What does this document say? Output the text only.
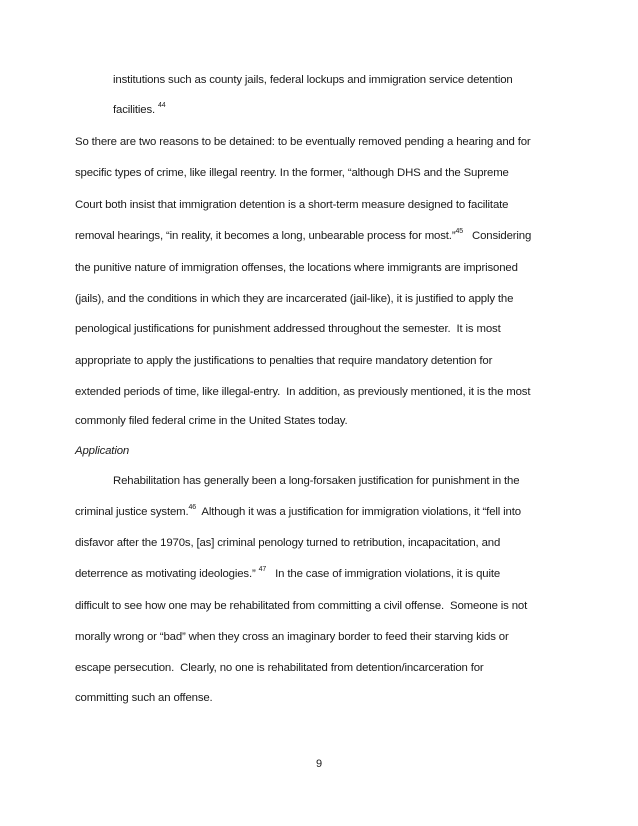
institutions such as county jails, federal lockups and immigration service detention
facilities. $^{44}$
So there are two reasons to be detained: to be eventually removed pending a hearing and for
specific types of crime, like illegal reentry. In the former, “although DHS and the Supreme
Court both insist that immigration detention is a short-term measure designed to facilitate
removal hearings, “in reality, it becomes a long, unbearable process for most.”$^{45}$   Considering
the punitive nature of immigration offenses, the locations where immigrants are imprisoned
(jails), and the conditions in which they are incarcerated (jail-like), it is justified to apply the
penological justifications for punishment addressed throughout the semester.  It is most
appropriate to apply the justifications to penalties that require mandatory detention for
extended periods of time, like illegal-entry.  In addition, as previously mentioned, it is the most
commonly filed federal crime in the United States today.
Application
Rehabilitation has generally been a long-forsaken justification for punishment in the
criminal justice system.$^{46}$  Although it was a justification for immigration violations, it “fell into
disfavor after the 1970s, [as] criminal penology turned to retribution, incapacitation, and
deterrence as motivating ideologies.” $^{47}$   In the case of immigration violations, it is quite
difficult to see how one may be rehabilitated from committing a civil offense.  Someone is not
morally wrong or “bad” when they cross an imaginary border to feed their starving kids or
escape persecution.  Clearly, no one is rehabilitated from detention/incarceration for
committing such an offense.
9
